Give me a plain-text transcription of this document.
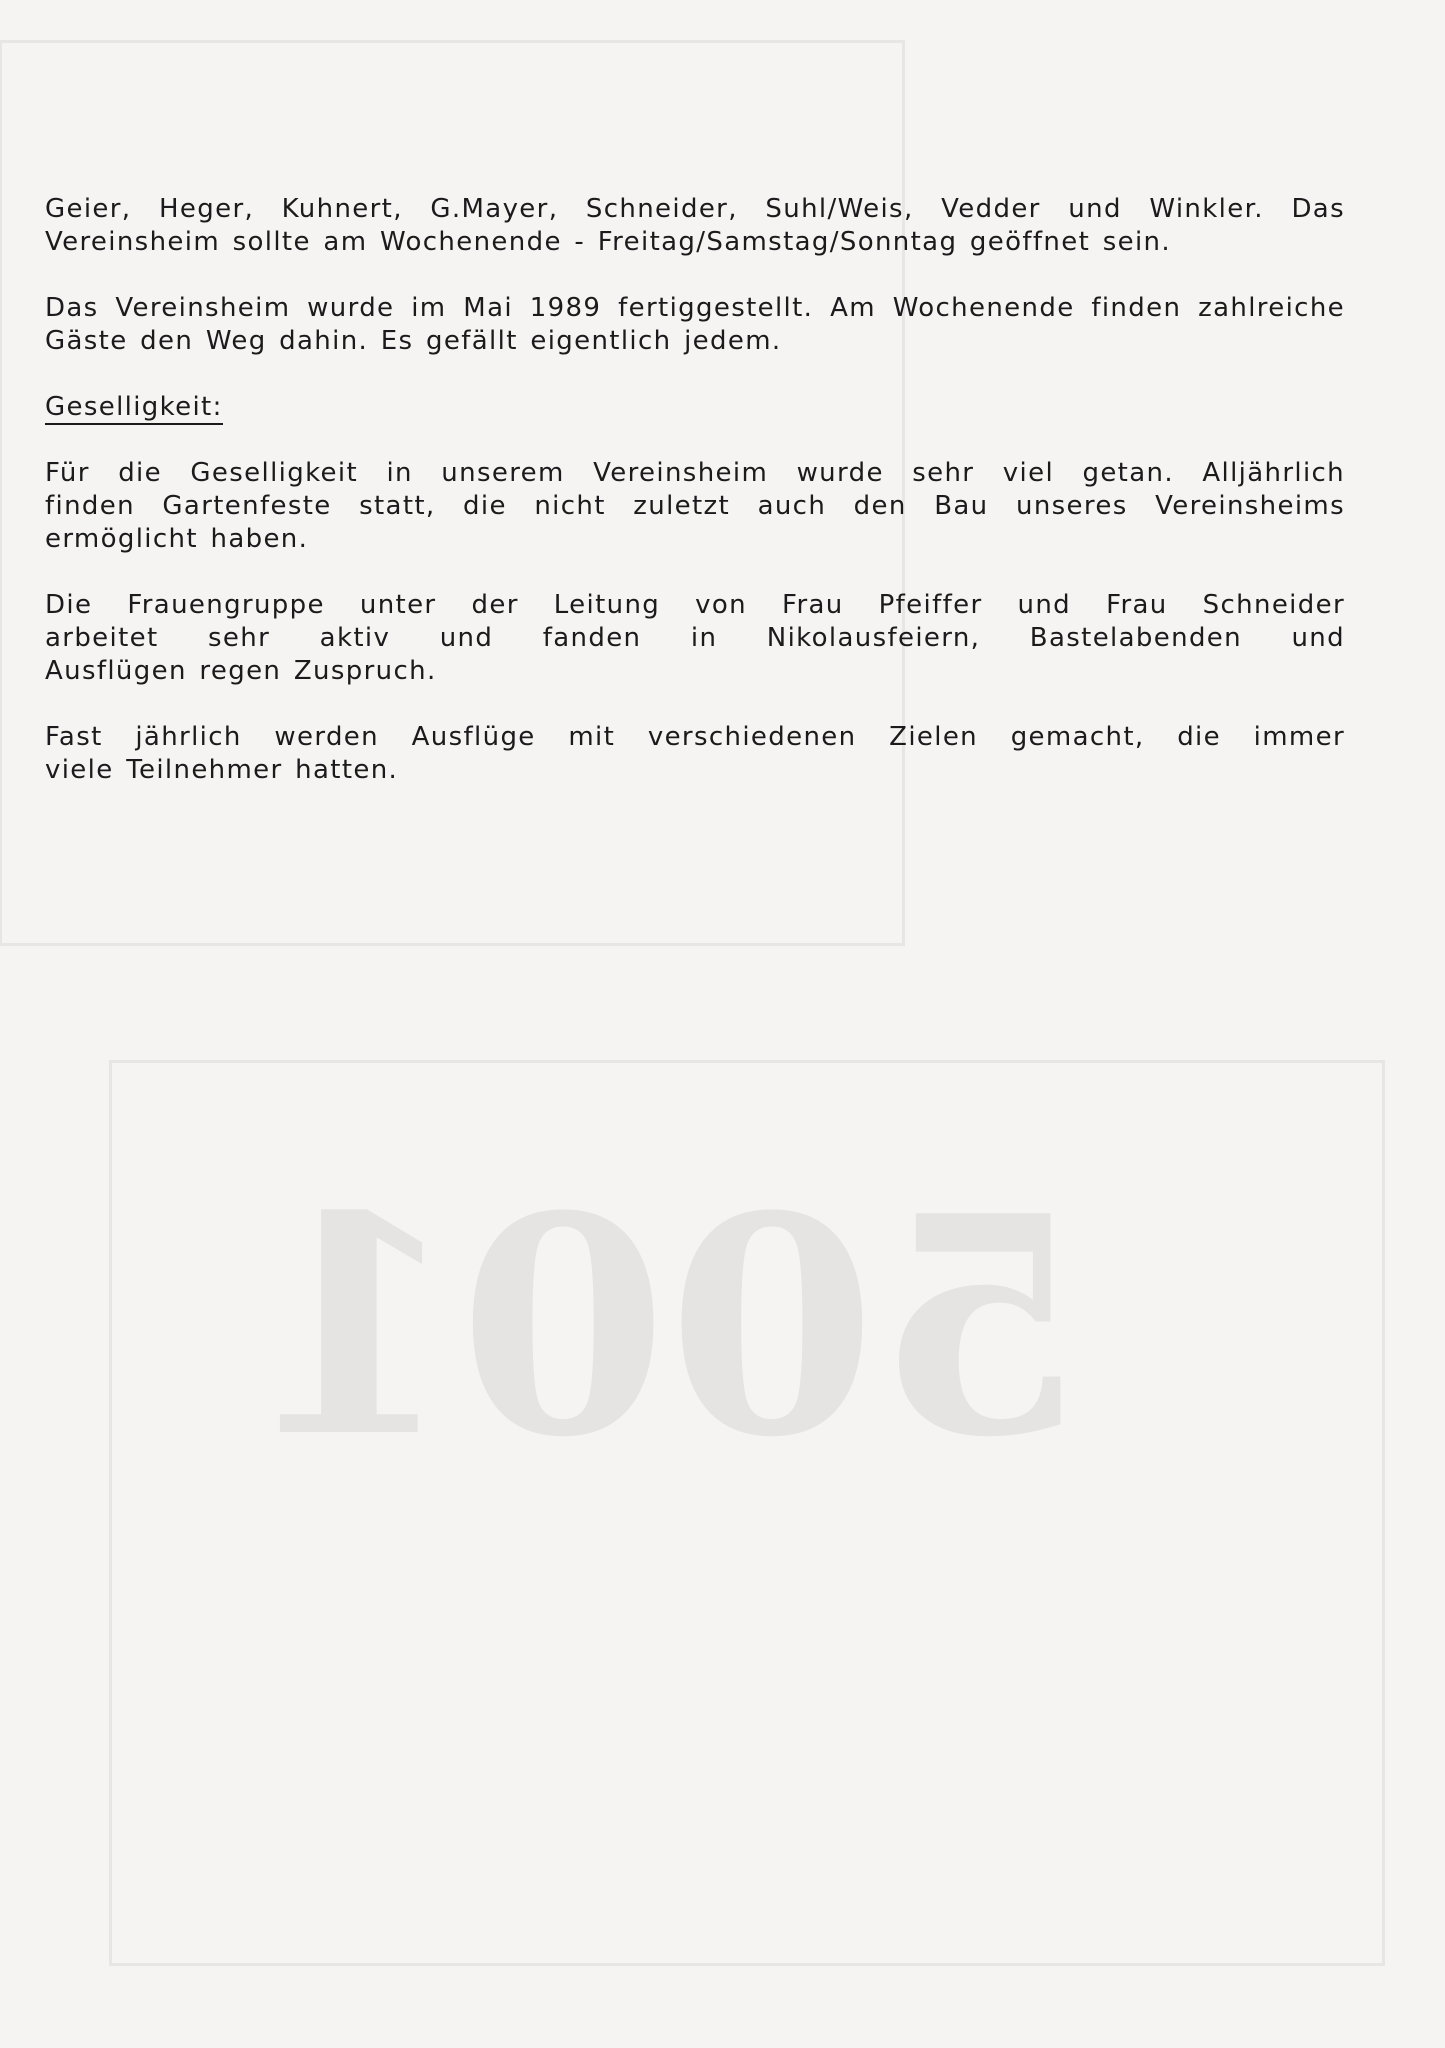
5001
Geier, Heger, Kuhnert, G.Mayer, Schneider, Suhl/Weis, Vedder und Winkler. Das
Vereinsheim sollte am Wochenende - Freitag/Samstag/Sonntag geöffnet sein.
Das Vereinsheim wurde im Mai 1989 fertiggestellt. Am Wochenende finden zahlreiche
Gäste den Weg dahin. Es gefällt eigentlich jedem.
Geselligkeit:
Für die Geselligkeit in unserem Vereinsheim wurde sehr viel getan. Alljährlich
finden Gartenfeste statt, die nicht zuletzt auch den Bau unseres Vereinsheims
ermöglicht haben.
Die Frauengruppe unter der Leitung von Frau Pfeiffer und Frau Schneider
arbeitet sehr aktiv und fanden in Nikolausfeiern, Bastelabenden und
Ausflügen regen Zuspruch.
Fast jährlich werden Ausflüge mit verschiedenen Zielen gemacht, die immer
viele Teilnehmer hatten.
